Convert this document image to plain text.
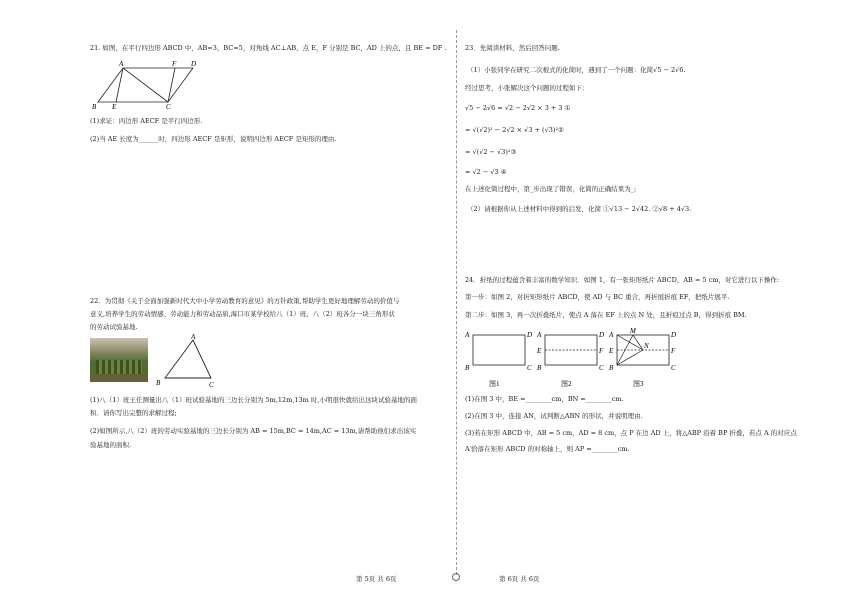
21. 如图，在平行四边形 ABCD 中，AB=3，BC=5，对角线 AC⊥AB，点 E，F 分别是 BC，AD 上的点，且 BE = DF .
A	F D
B E	C
(1)求证：四边形 AECF 是平行四边形.
(2)当 AE 长度为______时，四边形 AECF 是矩形，说明四边形 AECF 是矩形的理由.
22．为贯彻《关于全面加强新时代大中小学劳动教育的意见》的方针政策,帮助学生更好地理解劳动的价值与
意义,培养学生的劳动情感、劳动能力和劳动品质,海口市某学校给八（1）班、八（2）班各分一块三角形状
的劳动试验基地.
A
B	C
(1)八（1）班王任测量出八（1）班试验基地的三边长分别为 5m,12m,13m 时,小明很快就给出这块试验基地的面
积．请你写出完整的求解过程;
(2)如图所示,八（2）班的劳动实验基地的三边长分别为 AB = 15m,BC = 14m,AC = 13m,请帮助他们求出该实
验基地的面积.
第 5页 共 6页
23．先阅读材料，然后回答问题.
（1）小张同学在研究二次根式的化简时，遇到了一个问题：化简√5 − 2√6.
经过思考，小张解决这个问题的过程如下：
√5 − 2√6 = √2 − 2√2 × 3 + 3 ①
= √(√2)² − 2√2 × √3 + (√3)²②
= √(√2 − √3)²③
= √2 − √3 ④
在上述化简过程中，第_步出现了错误，化简的正确结果为_;
（2）请根据你从上述材料中得到的启发，化简 ①√13 − 2√42. ②√8 + 4√3.
24．折纸的过程蕴含着丰富的数学知识．如图 1，有一张矩形纸片 ABCD，AB = 5 cm，对它进行以下操作:
第一步：如图 2，对折矩形纸片 ABCD，使 AD 与 BC 重合，再折展折痕 EF，把纸片展平.
第二步：如图 3，再一次折叠纸片，使点 A 落在 EF 上的点 N 处，且折痕过点 B，得到折痕 BM.
A	D
B	C
图1
A	D
E	F
B	C
图2
A M	D
E
N
F
B	C
图3
(1)在图 3 中，BE =________cm，BN =________cm.
(2)在图 3 中，连接 AN，试判断△ABN 的形状，并说明理由.
(3)若在矩形 ABCD 中，AB = 5 cm，AD = 8 cm，点 P 在边 AD 上，将△ABP 沿着 BP 折叠，若点 A 的对应点
A′恰落在矩形 ABCD 的对称轴上，则 AP =________cm.
第 6页 共 6页
